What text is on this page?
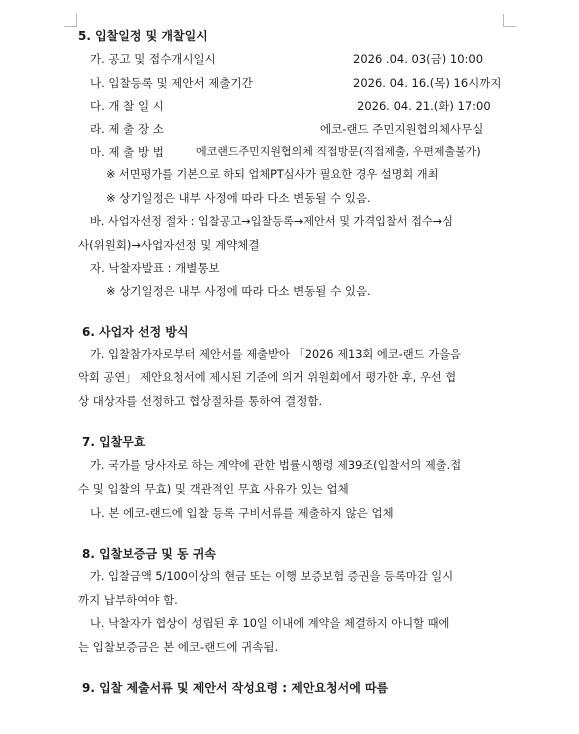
5. 입찰일정 및 개찰일시
가. 공고 및 접수개시일시	2026 .04. 03(금) 10:00
나. 입찰등록 및 제안서 제출기간	2026. 04. 16.(목) 16시까지
다. 개 찰 일 시	2026. 04. 21.(화) 17:00
라. 제 출 장 소	에코-랜드 주민지원협의체사무실
마. 제 출 방 법	에코랜드주민지원협의체 직접방문(직접제출, 우편제출불가)
※ 서면평가를 기본으로 하되 업체PT심사가 필요한 경우 설명회 개최
※ 상기일정은 내부 사정에 따라 다소 변동될 수 있음.
바. 사업자선정 절차 : 입찰공고→입찰등록→제안서 및 가격입찰서 접수→심
사(위원회)→사업자선정 및 계약체결
자. 낙찰자발표 : 개별통보
※ 상기일정은 내부 사정에 따라 다소 변동될 수 있음.
6. 사업자 선정 방식
가. 입찰참가자로부터 제안서를 제출받아 「2026 제13회 에코-랜드 가을음
악회 공연」 제안요청서에 제시된 기준에 의거 위원회에서 평가한 후, 우선 협
상 대상자를 선정하고 협상절차를 통하여 결정함.
7. 입찰무효
가. 국가를 당사자로 하는 계약에 관한 법률시행령 제39조(입찰서의 제출.접
수 및 입찰의 무효) 및 객관적인 무효 사유가 있는 업체
나. 본 에코-랜드에 입찰 등록 구비서류를 제출하지 않은 업체
8. 입찰보증금 및 동 귀속
가. 입찰금액 5/100이상의 현금 또는 이행 보증보험 증권을 등록마감 일시
까지 납부하여야 함.
나. 낙찰자가 협상이 성립된 후 10일 이내에 계약을 체결하지 아니할 때에
는 입찰보증금은 본 에코-랜드에 귀속됨.
9. 입찰 제출서류 및 제안서 작성요령 : 제안요청서에 따름
